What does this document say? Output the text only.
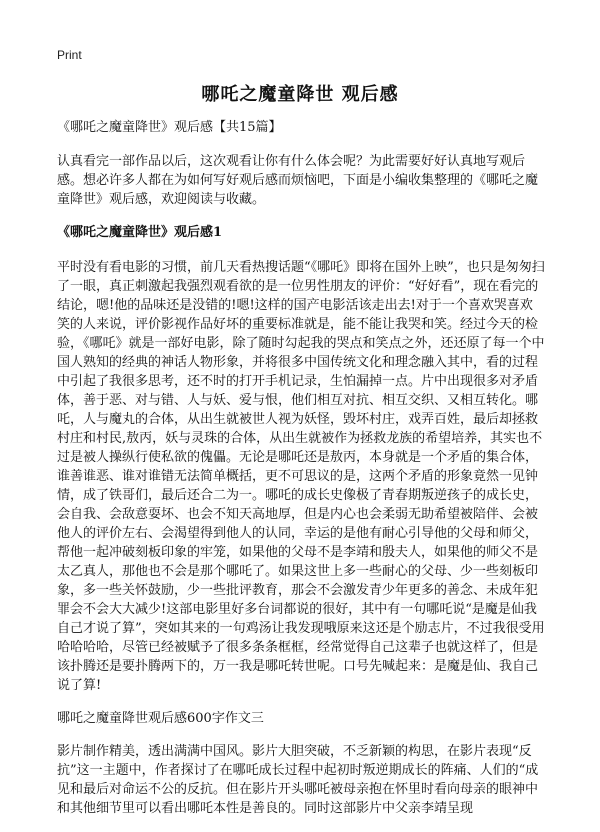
Print
哪吒之魔童降世 观后感

《哪吒之魔童降世》观后感【共15篇】

认真看完一部作品以后，这次观看让你有什么体会呢？为此需要好好认真地写观后感。想必许多人都在为如何写好观后感而烦恼吧，下面是小编收集整理的《哪吒之魔童降世》观后感，欢迎阅读与收藏。

《哪吒之魔童降世》观后感1

平时没有看电影的习惯，前几天看热搜话题“《哪吒》即将在国外上映”，也只是匆匆扫了一眼，真正刺激起我强烈观看欲的是一位男性朋友的评价：“好好看”，现在看完的结论，嗯!他的品味还是没错的!嗯!这样的国产电影活该走出去!对于一个喜欢哭喜欢笑的人来说，评价影视作品好坏的重要标准就是，能不能让我哭和笑。经过今天的检验，《哪吒》就是一部好电影，除了随时勾起我的哭点和笑点之外，还还原了每一个中国人熟知的经典的神话人物形象，并将很多中国传统文化和理念融入其中，看的过程中引起了我很多思考，还不时的打开手机记录，生怕漏掉一点。片中出现很多对矛盾体，善于恶、对与错、人与妖、爱与恨，他们相互对抗、相互交织、又相互转化。哪吒，人与魔丸的合体，从出生就被世人视为妖怪，毁坏村庄，戏弄百姓，最后却拯救村庄和村民,敖丙，妖与灵珠的合体，从出生就被作为拯救龙族的希望培养，其实也不过是被人操纵行使私欲的傀儡。无论是哪吒还是敖丙，本身就是一个矛盾的集合体，谁善谁恶、谁对谁错无法简单概括，更不可思议的是，这两个矛盾的形象竟然一见钟情，成了铁哥们，最后还合二为一。哪吒的成长史像极了青春期叛逆孩子的成长史，会自我、会敌意耍坏、也会不知天高地厚，但是内心也会柔弱无助希望被陪伴、会被他人的评价左右、会渴望得到他人的认同，幸运的是他有耐心引导他的父母和师父，帮他一起冲破刻板印象的牢笼，如果他的父母不是李靖和殷夫人，如果他的师父不是太乙真人，那他也不会是那个哪吒了。如果这世上多一些耐心的父母、少一些刻板印象，多一些关怀鼓励，少一些批评教育，那会不会激发青少年更多的善念、未成年犯罪会不会大大减少!这部电影里好多台词都说的很好，其中有一句哪吒说“是魔是仙我自己才说了算”，突如其来的一句鸡汤让我发现哦原来这还是个励志片，不过我很受用哈哈哈哈，尽管已经被赋予了很多条条框框，经常觉得自己这辈子也就这样了，但是该扑腾还是要扑腾两下的，万一我是哪吒转世呢。口号先喊起来：是魔是仙、我自己说了算!

哪吒之魔童降世观后感600字作文三

影片制作精美，透出满满中国风。影片大胆突破，不乏新颖的构思，在影片表现“反抗”这一主题中，作者探讨了在哪吒成长过程中起初时叛逆期成长的阵痛、人们的“成见和最后对命运不公的反抗。但在影片开头哪吒被母亲抱在怀里时看向母亲的眼神中和其他细节里可以看出哪吒本性是善良的。同时这部影片中父亲李靖呈现
